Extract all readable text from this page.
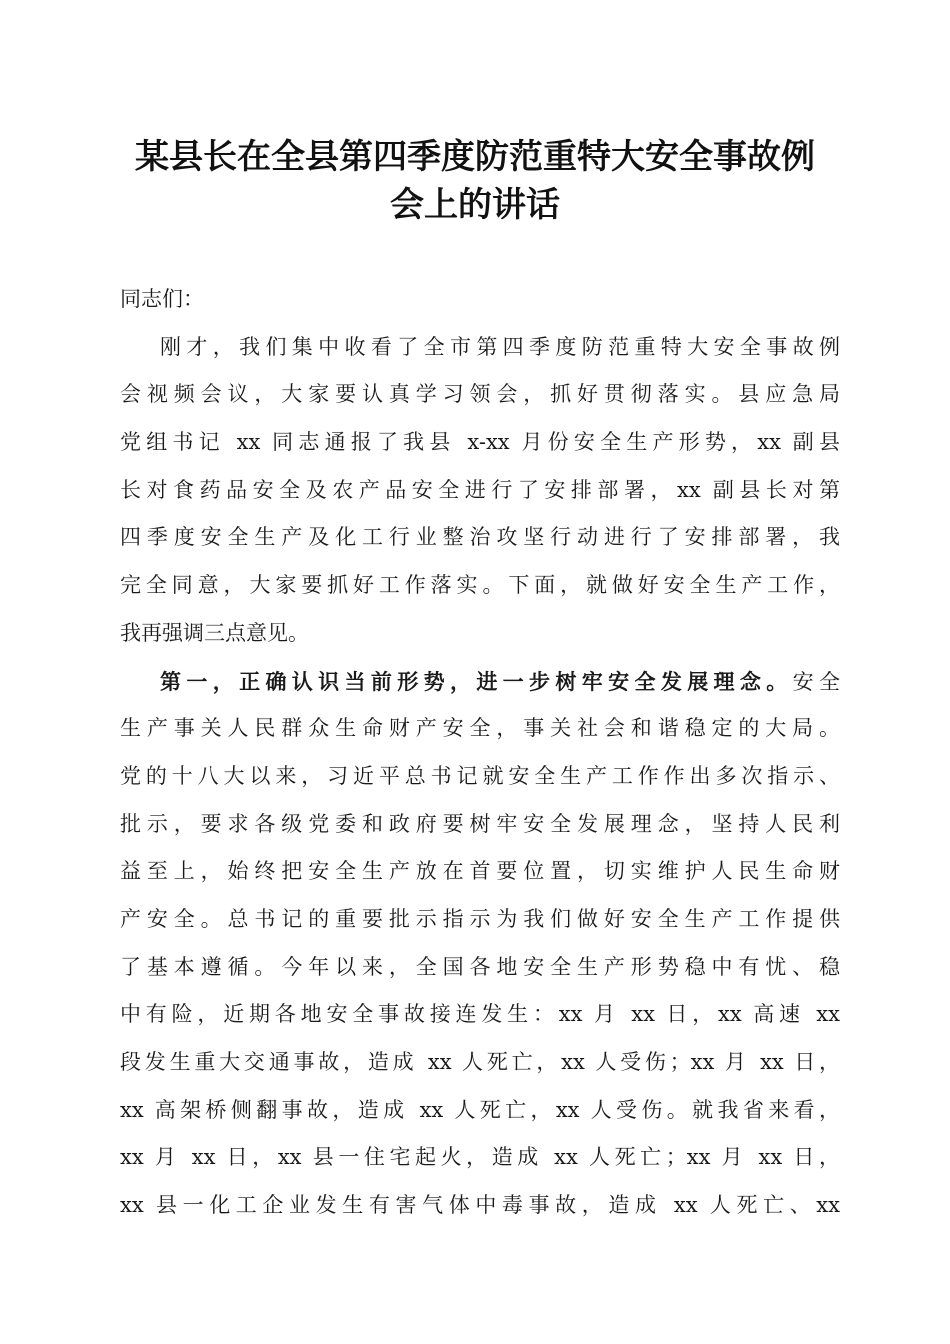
某县长在全县第四季度防范重特大安全事故例
会上的讲话
同志们：
刚才，我们集中收看了全市第四季度防范重特大安全事故例
会视频会议，大家要认真学习领会，抓好贯彻落实。县应急局
党组书记 xx 同志通报了我县 x-xx 月份安全生产形势，xx 副县
长对食药品安全及农产品安全进行了安排部署，xx 副县长对第
四季度安全生产及化工行业整治攻坚行动进行了安排部署，我
完全同意，大家要抓好工作落实。下面，就做好安全生产工作，
我再强调三点意见。
第一，正确认识当前形势，进一步树牢安全发展理念。安全
生产事关人民群众生命财产安全，事关社会和谐稳定的大局。
党的十八大以来，习近平总书记就安全生产工作作出多次指示、
批示，要求各级党委和政府要树牢安全发展理念，坚持人民利
益至上，始终把安全生产放在首要位置，切实维护人民生命财
产安全。总书记的重要批示指示为我们做好安全生产工作提供
了基本遵循。今年以来，全国各地安全生产形势稳中有忧、稳
中有险，近期各地安全事故接连发生：xx 月 xx 日，xx 高速 xx
段发生重大交通事故，造成 xx 人死亡，xx 人受伤；xx 月 xx 日，
xx 高架桥侧翻事故，造成 xx 人死亡，xx 人受伤。就我省来看，
xx 月 xx 日，xx 县一住宅起火，造成 xx 人死亡；xx 月 xx 日，
xx 县一化工企业发生有害气体中毒事故，造成 xx 人死亡、xx
